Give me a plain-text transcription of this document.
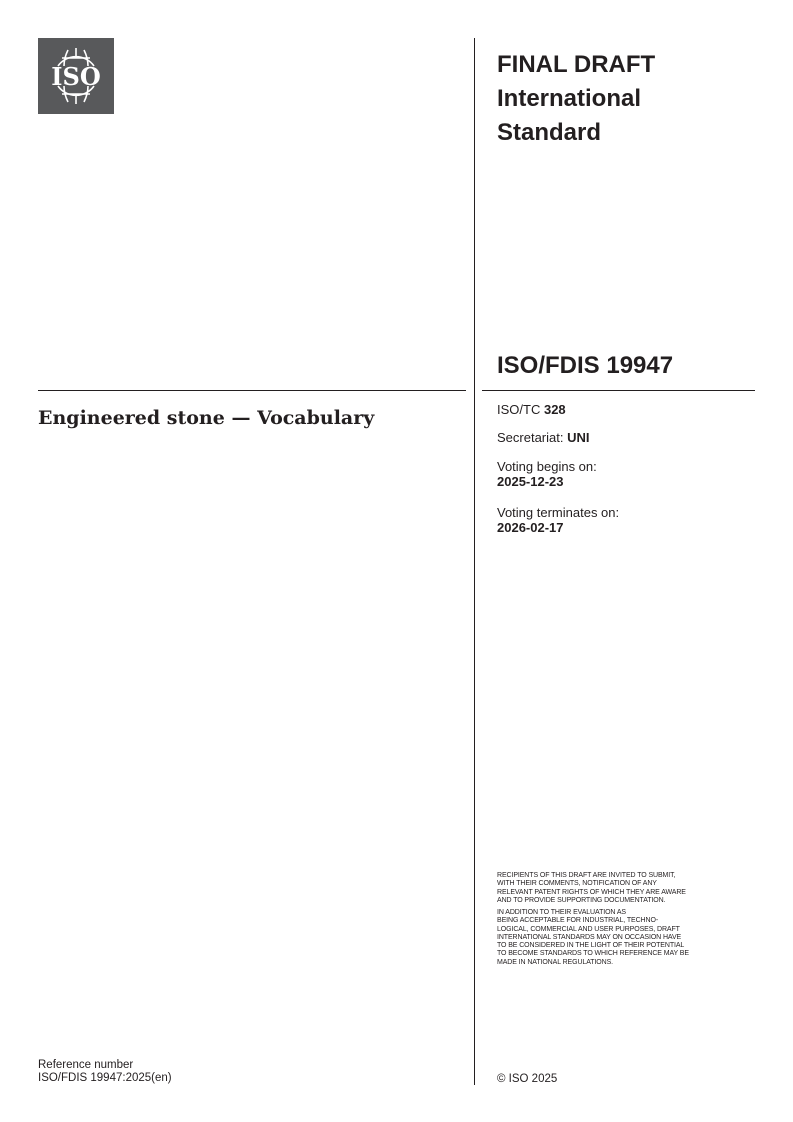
ISO	FINAL DRAFT
International
Standard
ISO/FDIS 19947
Engineered stone — Vocabulary	ISO/TC 328
Secretariat: UNI
Voting begins on:
2025-12-23
Voting terminates on:
2026-02-17
RECIPIENTS OF THIS DRAFT ARE INVITED TO SUBMIT,
WITH THEIR COMMENTS, NOTIFICATION OF ANY
RELEVANT PATENT RIGHTS OF WHICH THEY ARE AWARE
AND TO PROVIDE SUPPORTING DOCUMENTATION.
IN ADDITION TO THEIR EVALUATION AS
BEING ACCEPTABLE FOR INDUSTRIAL, TECHNO-
LOGICAL, COMMERCIAL AND USER PURPOSES, DRAFT
INTERNATIONAL STANDARDS MAY ON OCCASION HAVE
TO BE CONSIDERED IN THE LIGHT OF THEIR POTENTIAL
TO BECOME STANDARDS TO WHICH REFERENCE MAY BE
MADE IN NATIONAL REGULATIONS.
Reference number
ISO/FDIS 19947:2025(en)	© ISO 2025
